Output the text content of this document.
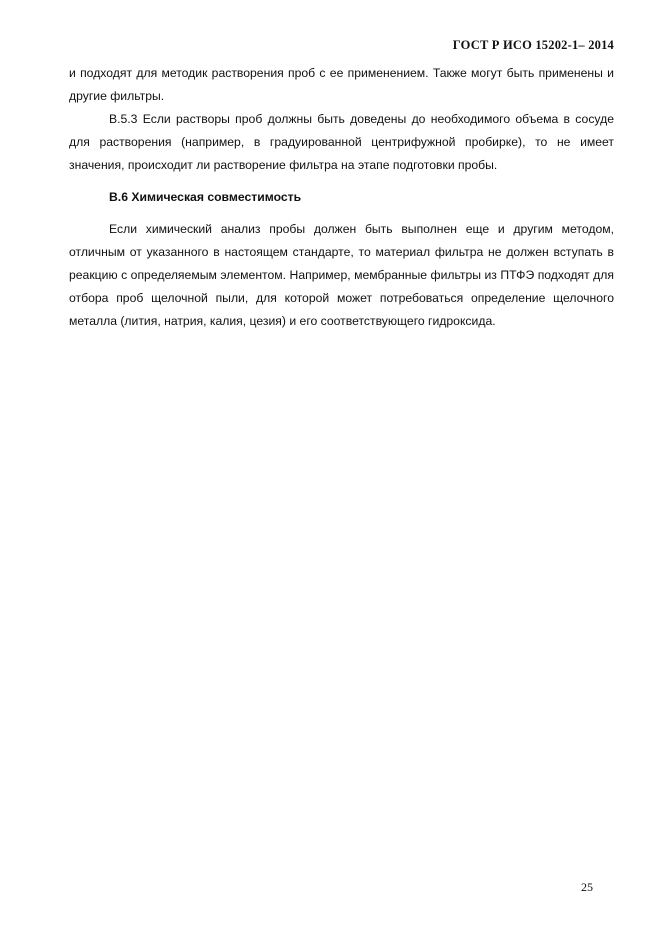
ГОСТ Р ИСО 15202-1– 2014

и подходят для методик растворения проб с ее применением. Также могут быть применены и другие фильтры.

В.5.3 Если растворы проб должны быть доведены до необходимого объема в сосуде для растворения (например, в градуированной центрифужной пробирке), то не имеет значения, происходит ли растворение фильтра на этапе подготовки пробы.

В.6 Химическая совместимость

Если химический анализ пробы должен быть выполнен еще и другим методом, отличным от указанного в настоящем стандарте, то материал фильтра не должен вступать в реакцию с определяемым элементом. Например, мембранные фильтры из ПТФЭ подходят для отбора проб щелочной пыли, для которой может потребоваться определение щелочного металла (лития, натрия, калия, цезия) и его соответствующего гидроксида.

25
